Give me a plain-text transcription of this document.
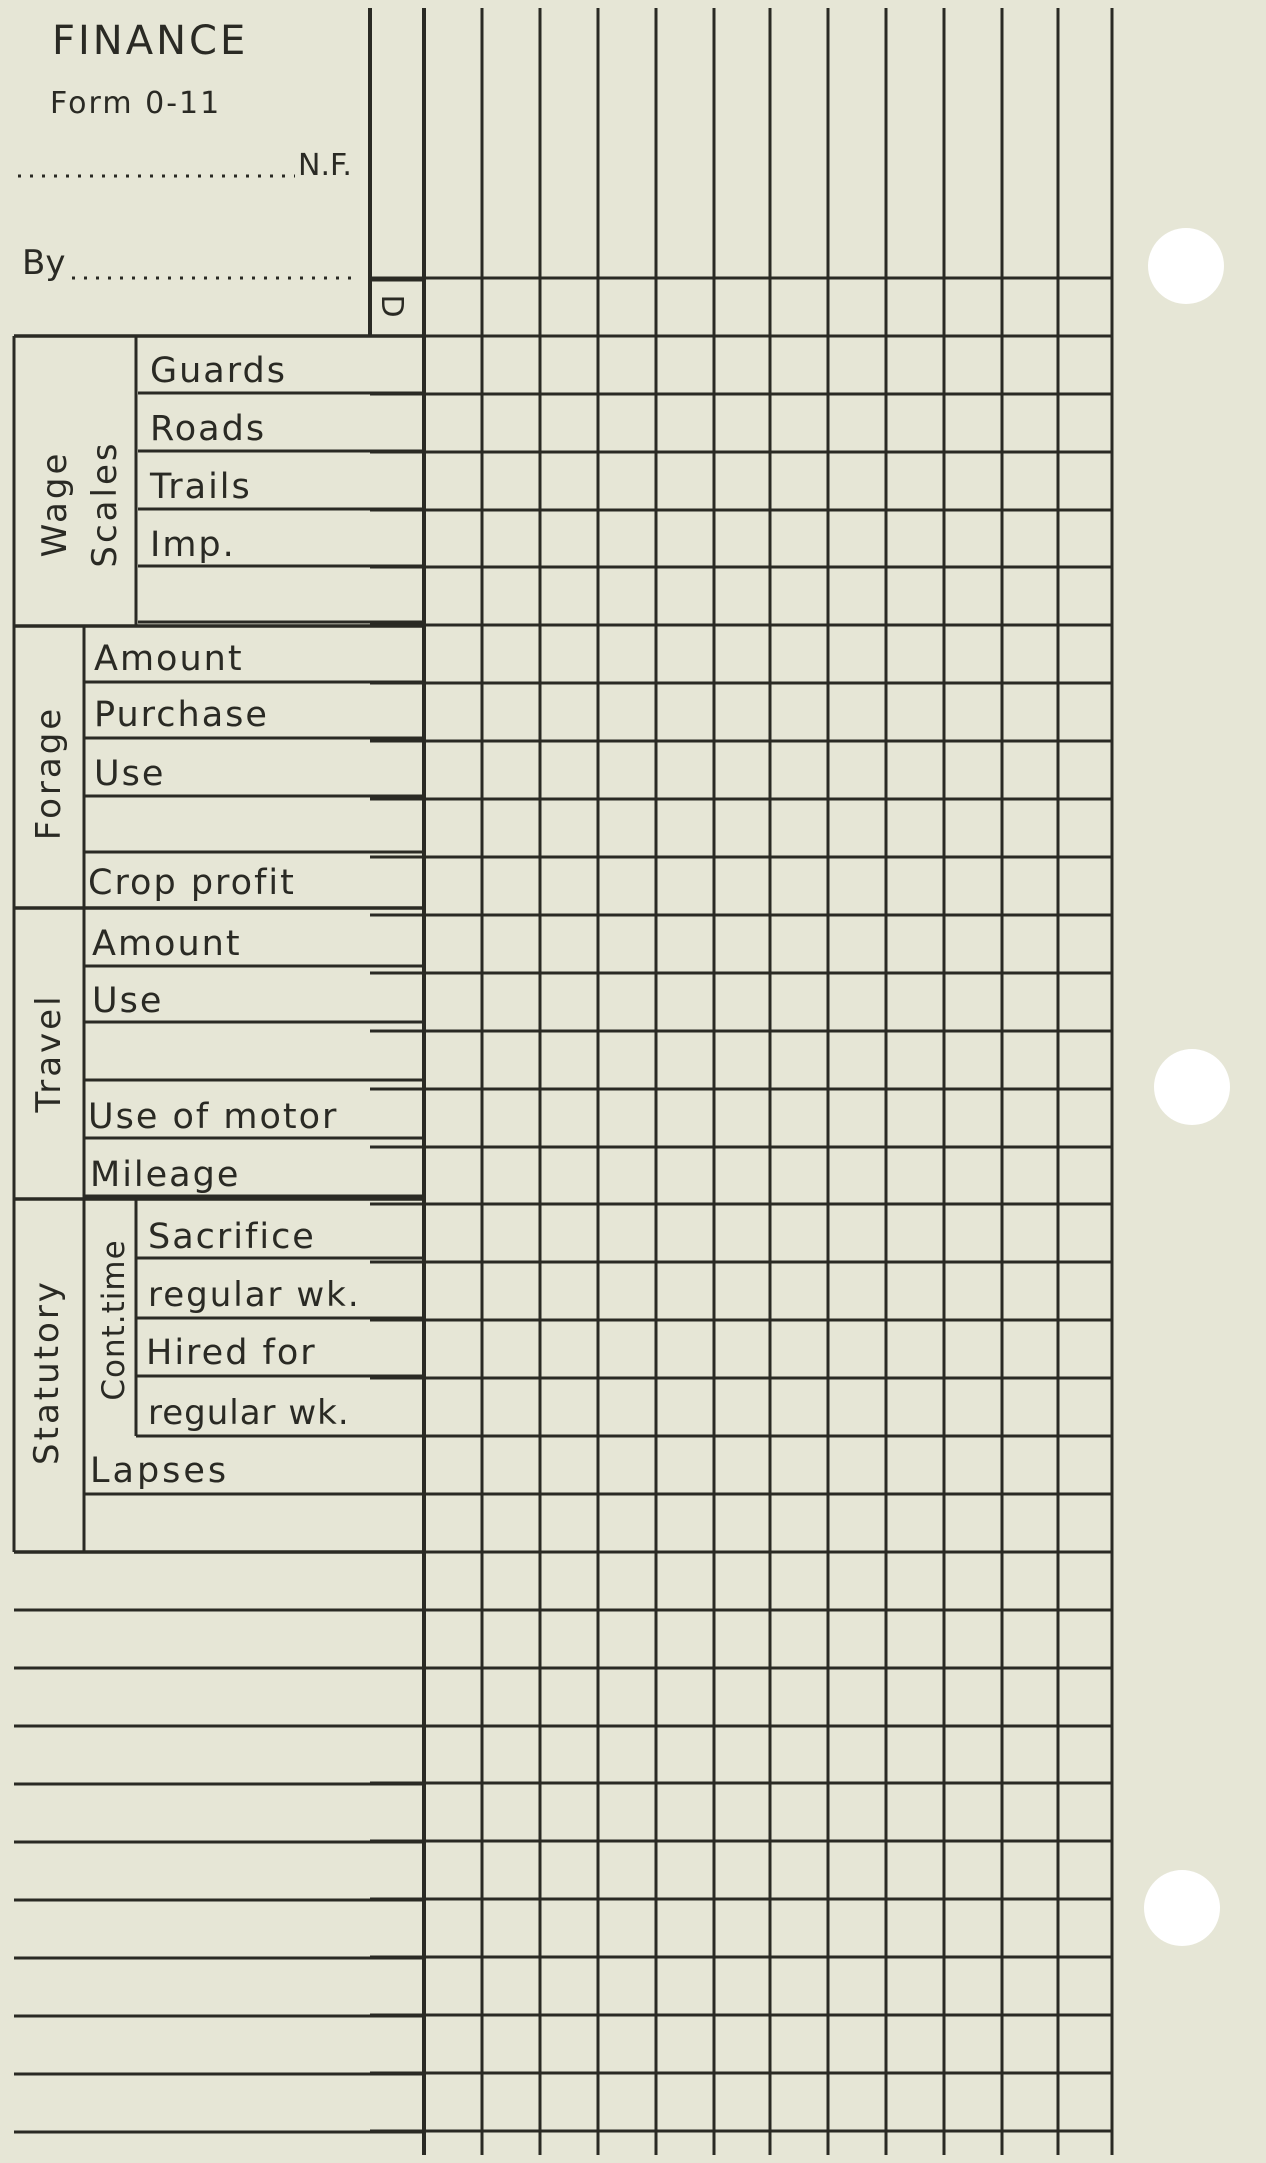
FINANCE
Form 0-11
N.F.
By
D
Wage Scales
Guards
Roads
Trails
Imp.
Forage
Amount
Purchase
Use
Crop profit
Travel
Amount
Use
Use of motor
Mileage
Statutory Cont.time
Sacrifice
regular wk.
Hired for
regular wk.
Lapses
